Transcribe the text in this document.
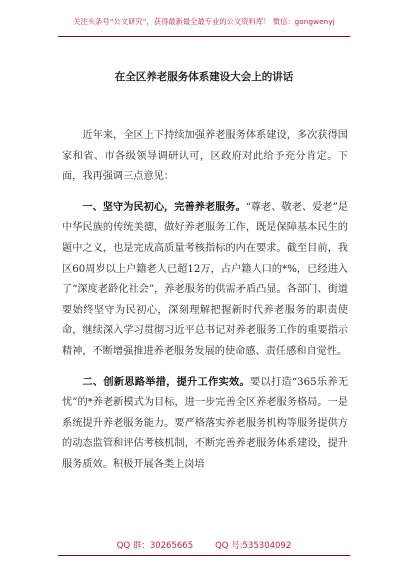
关注头条号“公文研究”，获得最新最全最专业的公文资料库！ 微信：gongwenyj
在全区养老服务体系建设大会上的讲话

近年来，全区上下持续加强养老服务体系建设，多次获得国家和省、市各级领导调研认可，区政府对此给予充分肯定。下面，我再强调三点意见：

一、坚守为民初心，完善养老服务。“尊老、敬老、爱老”是中华民族的传统美德，做好养老服务工作，既是保障基本民生的题中之义，也是完成高质量考核指标的内在要求。截至目前，我区60周岁以上户籍老人已超12万，占户籍人口的*%，已经进入了“深度老龄化社会”，养老服务的供需矛盾凸显。各部门、街道要始终坚守为民初心，深刻理解把握新时代养老服务的职责使命，继续深入学习贯彻习近平总书记对养老服务工作的重要指示精神，不断增强推进养老服务发展的使命感、责任感和自觉性。

二、创新思路举措，提升工作实效。要以打造“365乐养无忧”的*养老新模式为目标，进一步完善全区养老服务格局。一是系统提升养老服务能力。要严格落实养老服务机构等服务提供方的动态监管和评估考核机制，不断完善养老服务体系建设，提升服务质效。积极开展各类上岗培

QQ 群：30265665	QQ 号:535304092
